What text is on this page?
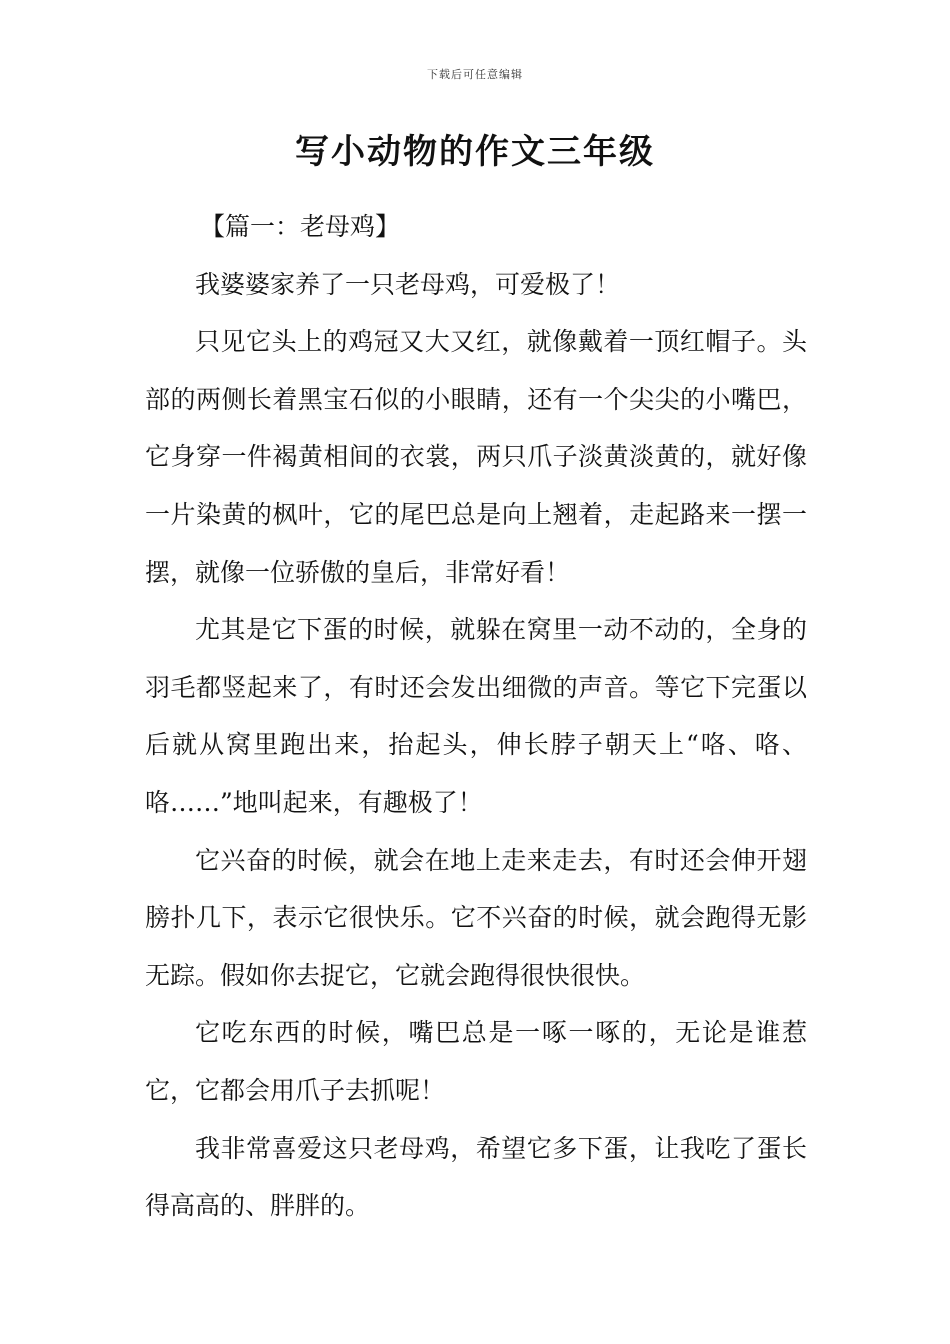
下载后可任意编辑
写小动物的作文三年级
【篇一：老母鸡】

我婆婆家养了一只老母鸡，可爱极了！

只见它头上的鸡冠又大又红，就像戴着一顶红帽子。头部的两侧长着黑宝石似的小眼睛，还有一个尖尖的小嘴巴，它身穿一件褐黄相间的衣裳，两只爪子淡黄淡黄的，就好像一片染黄的枫叶，它的尾巴总是向上翘着，走起路来一摆一摆，就像一位骄傲的皇后，非常好看！

尤其是它下蛋的时候，就躲在窝里一动不动的，全身的羽毛都竖起来了，有时还会发出细微的声音。等它下完蛋以后就从窝里跑出来，抬起头，伸长脖子朝天上“咯、咯、咯……”地叫起来，有趣极了！

它兴奋的时候，就会在地上走来走去，有时还会伸开翅膀扑几下，表示它很快乐。它不兴奋的时候，就会跑得无影无踪。假如你去捉它，它就会跑得很快很快。

它吃东西的时候，嘴巴总是一啄一啄的，无论是谁惹它，它都会用爪子去抓呢！

我非常喜爱这只老母鸡，希望它多下蛋，让我吃了蛋长得高高的、胖胖的。
